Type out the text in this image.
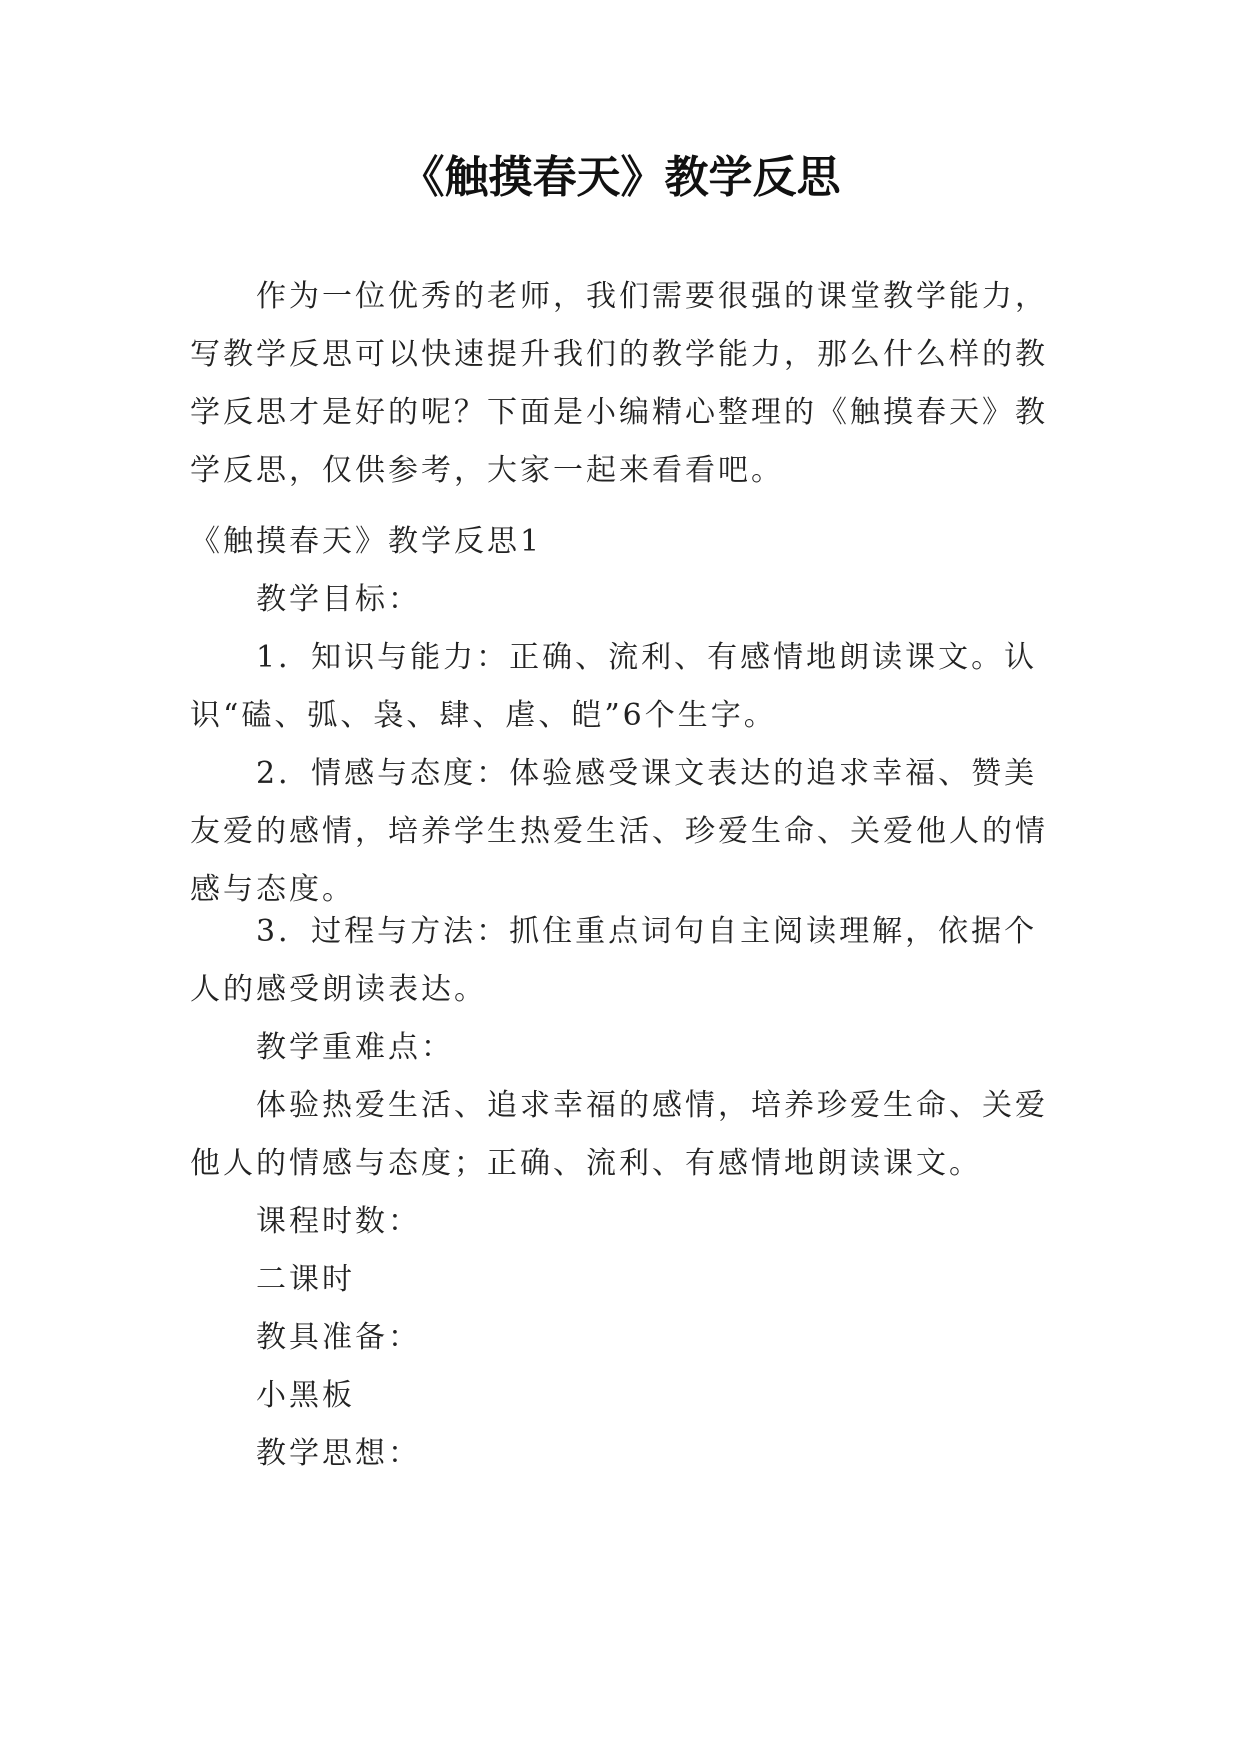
《触摸春天》教学反思
作为一位优秀的老师，我们需要很强的课堂教学能力，
写教学反思可以快速提升我们的教学能力，那么什么样的教
学反思才是好的呢？下面是小编精心整理的《触摸春天》教
学反思，仅供参考，大家一起来看看吧。
《触摸春天》教学反思1
教学目标：
1．知识与能力：正确、流利、有感情地朗读课文。认
识“磕、弧、袅、肆、虐、皑”6个生字。
2．情感与态度：体验感受课文表达的追求幸福、赞美
友爱的感情，培养学生热爱生活、珍爱生命、关爱他人的情
感与态度。
3．过程与方法：抓住重点词句自主阅读理解，依据个
人的感受朗读表达。
教学重难点：
体验热爱生活、追求幸福的感情，培养珍爱生命、关爱
他人的情感与态度；正确、流利、有感情地朗读课文。
课程时数：
二课时
教具准备：
小黑板
教学思想：
